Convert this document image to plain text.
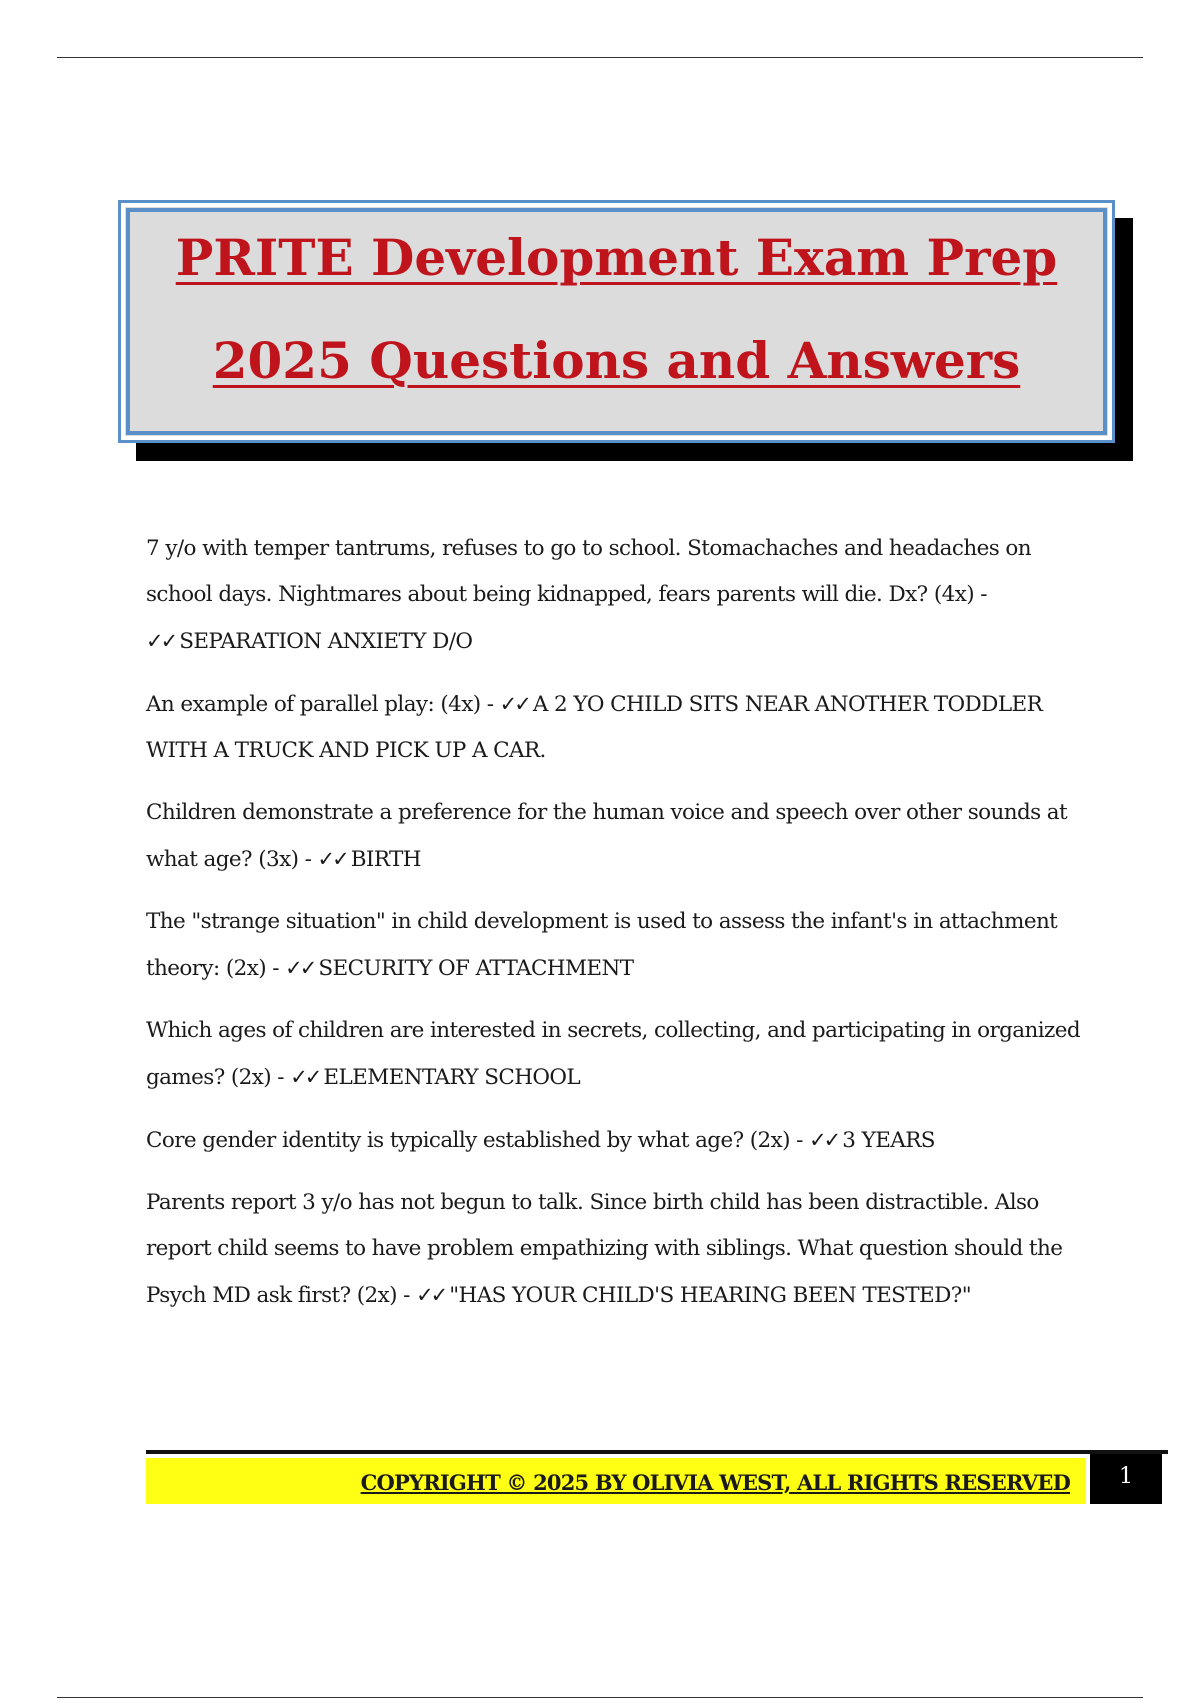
PRITE Development Exam Prep
2025 Questions and Answers

7 y/o with temper tantrums, refuses to go to school. Stomachaches and headaches on school days. Nightmares about being kidnapped, fears parents will die. Dx? (4x) - ✓✓ SEPARATION ANXIETY D/O

An example of parallel play: (4x) - ✓✓ A 2 YO CHILD SITS NEAR ANOTHER TODDLER WITH A TRUCK AND PICK UP A CAR.

Children demonstrate a preference for the human voice and speech over other sounds at what age? (3x) - ✓✓ BIRTH

The "strange situation" in child development is used to assess the infant's in attachment theory: (2x) - ✓✓ SECURITY OF ATTACHMENT

Which ages of children are interested in secrets, collecting, and participating in organized games? (2x) - ✓✓ ELEMENTARY SCHOOL

Core gender identity is typically established by what age? (2x) - ✓✓ 3 YEARS

Parents report 3 y/o has not begun to talk. Since birth child has been distractible. Also report child seems to have problem empathizing with siblings. What question should the Psych MD ask first? (2x) - ✓✓ "HAS YOUR CHILD'S HEARING BEEN TESTED?"

COPYRIGHT © 2025 BY OLIVIA WEST, ALL RIGHTS RESERVED	1
